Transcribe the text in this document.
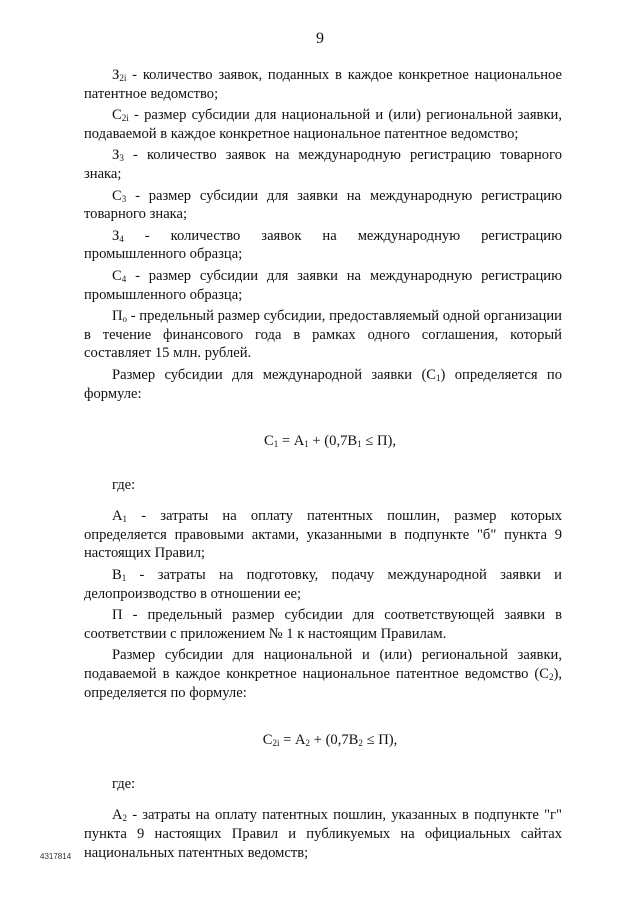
9

$З_{2i}$ - количество заявок, поданных в каждое конкретное национальное патентное ведомство;

$С_{2i}$ - размер субсидии для национальной и (или) региональной заявки, подаваемой в каждое конкретное национальное патентное ведомство;

$З_3$ - количество заявок на международную регистрацию товарного знака;

$С_3$ - размер субсидии для заявки на международную регистрацию товарного знака;

$З_4$ - количество заявок на международную регистрацию промышленного образца;

$С_4$ - размер субсидии для заявки на международную регистрацию промышленного образца;

$П_о$ - предельный размер субсидии, предоставляемый одной организации в течение финансового года в рамках одного соглашения, который составляет 15 млн. рублей.

Размер субсидии для международной заявки $(С_1)$ определяется по формуле:

$С_1 = А_1 + (0,7В_1 \le П)$,

где:

$А_1$ - затраты на оплату патентных пошлин, размер которых определяется правовыми актами, указанными в подпункте "б" пункта 9 настоящих Правил;

$В_1$ - затраты на подготовку, подачу международной заявки и делопроизводство в отношении ее;

П - предельный размер субсидии для соответствующей заявки в соответствии с приложением № 1 к настоящим Правилам.

Размер субсидии для национальной и (или) региональной заявки, подаваемой в каждое конкретное национальное патентное ведомство $(С_2)$, определяется по формуле:

$С_{2i} = А_2 + (0,7В_2 \le П)$,

где:

$А_2$ - затраты на оплату патентных пошлин, указанных в подпункте "г" пункта 9 настоящих Правил и публикуемых на официальных сайтах национальных патентных ведомств;

4317814
